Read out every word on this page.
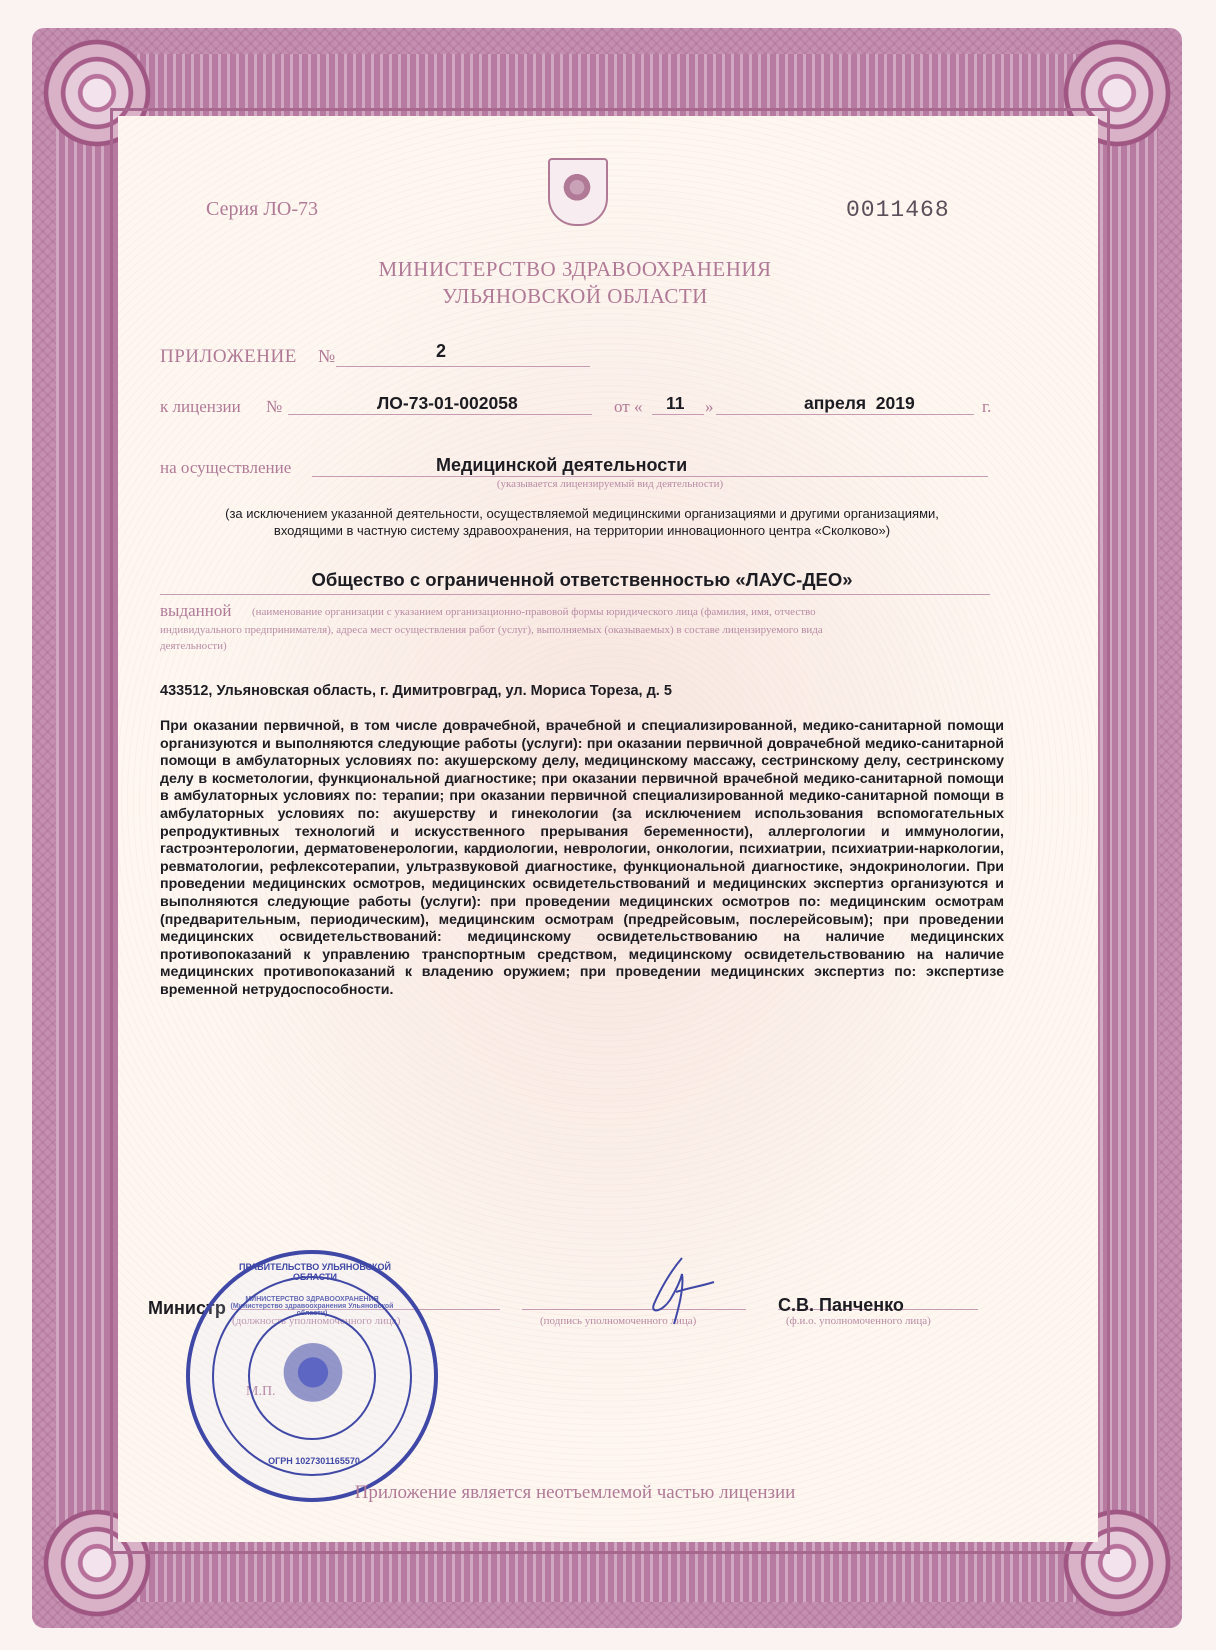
Серия ЛО-73	0011468
МИНИСТЕРСТВО ЗДРАВООХРАНЕНИЯ
УЛЬЯНОВСКОЙ ОБЛАСТИ
ПРИЛОЖЕНИЕ №	2
к лицензии №	ЛО-73-01-002058	от « 11 »	апреля  2019	г.
на осуществление	Медицинской деятельности
(указывается лицензируемый вид деятельности)
(за исключением указанной деятельности, осуществляемой медицинскими организациями и другими организациями,
входящими в частную систему здравоохранения, на территории инновационного центра «Сколково»)
Общество с ограниченной ответственностью «ЛАУС-ДЕО»
выданной (наименование организации с указанием организационно-правовой формы юридического лица (фамилия, имя, отчество
индивидуального предпринимателя), адреса мест осуществления работ (услуг), выполняемых (оказываемых) в составе лицензируемого вида
деятельности)
433512, Ульяновская область, г. Димитровград, ул. Мориса Тореза, д. 5
При оказании первичной, в том числе доврачебной, врачебной и специализированной, медико-санитарной помощи организуются и выполняются следующие работы (услуги): при оказании первичной доврачебной медико-санитарной помощи в амбулаторных условиях по: акушерскому делу, медицинскому массажу, сестринскому делу, сестринскому делу в косметологии, функциональной диагностике; при оказании первичной врачебной медико-санитарной помощи в амбулаторных условиях по: терапии; при оказании первичной специализированной медико-санитарной помощи в амбулаторных условиях по: акушерству и гинекологии (за исключением использования вспомогательных репродуктивных технологий и искусственного прерывания беременности), аллергологии и иммунологии, гастроэнтерологии, дерматовенерологии, кардиологии, неврологии, онкологии, психиатрии, психиатрии-наркологии, ревматологии, рефлексотерапии, ультразвуковой диагностике, функциональной диагностике, эндокринологии. При проведении медицинских осмотров, медицинских освидетельствований и медицинских экспертиз организуются и выполняются следующие работы (услуги): при проведении медицинских осмотров по: медицинским осмотрам (предварительным, периодическим), медицинским осмотрам (предрейсовым, послерейсовым); при проведении медицинских освидетельствований: медицинскому освидетельствованию на наличие медицинских противопоказаний к управлению транспортным средством, медицинскому освидетельствованию на наличие медицинских противопоказаний к владению оружием; при проведении медицинских экспертиз по: экспертизе временной нетрудоспособности.
Министр
(должность уполномоченного лица)	(подпись уполномоченного лица)
С.В. Панченко
(ф.и.о. уполномоченного лица)
М.П.
ПРАВИТЕЛЬСТВО УЛЬЯНОВСКОЙ ОБЛАСТИ
ОГРН 1027301165570
МИНИСТЕРСТВО ЗДРАВООХРАНЕНИЯ (Министерство здравоохранения Ульяновской области)
Приложение является неотъемлемой частью лицензии
